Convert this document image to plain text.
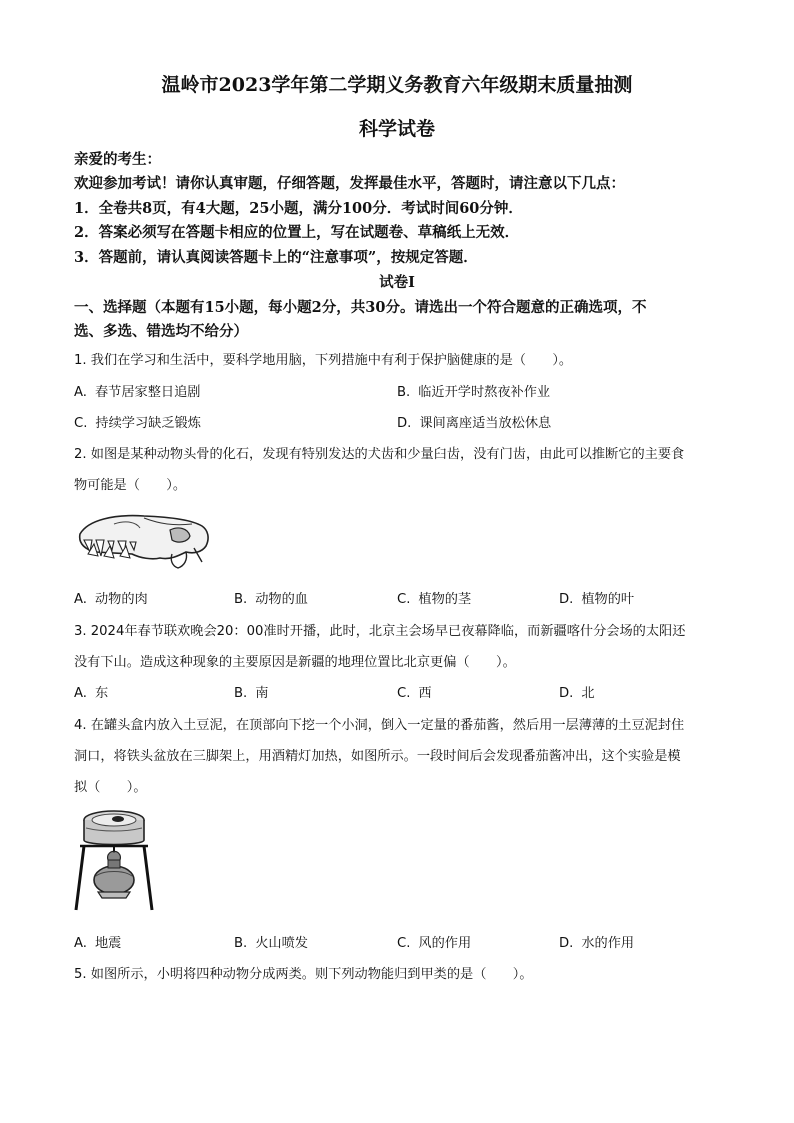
温岭市2023学年第二学期义务教育六年级期末质量抽测
科学试卷
亲爱的考生：
欢迎参加考试！请你认真审题，仔细答题，发挥最佳水平，答题时，请注意以下几点：
1．全卷共8页，有4大题，25小题，满分100分．考试时间60分钟．
2．答案必须写在答题卡相应的位置上，写在试题卷、草稿纸上无效．
3．答题前，请认真阅读答题卡上的“注意事项”，按规定答题．
试卷I
一、选择题（本题有15小题，每小题2分，共30分。请选出一个符合题意的正确选项，不
选、多选、错选均不给分）
1. 我们在学习和生活中，要科学地用脑，下列措施中有利于保护脑健康的是（　　）。
A. 春节居家整日追剧	B. 临近开学时熬夜补作业
C. 持续学习缺乏锻炼	D. 课间离座适当放松休息
2. 如图是某种动物头骨的化石，发现有特别发达的犬齿和少量臼齿，没有门齿，由此可以推断它的主要食
物可能是（　　）。
A. 动物的肉	B. 动物的血	C. 植物的茎	D. 植物的叶
3. 2024年春节联欢晚会20：00准时开播，此时，北京主会场早已夜幕降临，而新疆喀什分会场的太阳还
没有下山。造成这种现象的主要原因是新疆的地理位置比北京更偏（　　）。
A. 东	B. 南	C. 西	D. 北
4. 在罐头盒内放入土豆泥，在顶部向下挖一个小洞，倒入一定量的番茄酱，然后用一层薄薄的土豆泥封住
洞口，将铁头盆放在三脚架上，用酒精灯加热，如图所示。一段时间后会发现番茄酱冲出，这个实验是模
拟（　　）。
A. 地震	B. 火山喷发	C. 风的作用	D. 水的作用
5. 如图所示，小明将四种动物分成两类。则下列动物能归到甲类的是（　　）。
